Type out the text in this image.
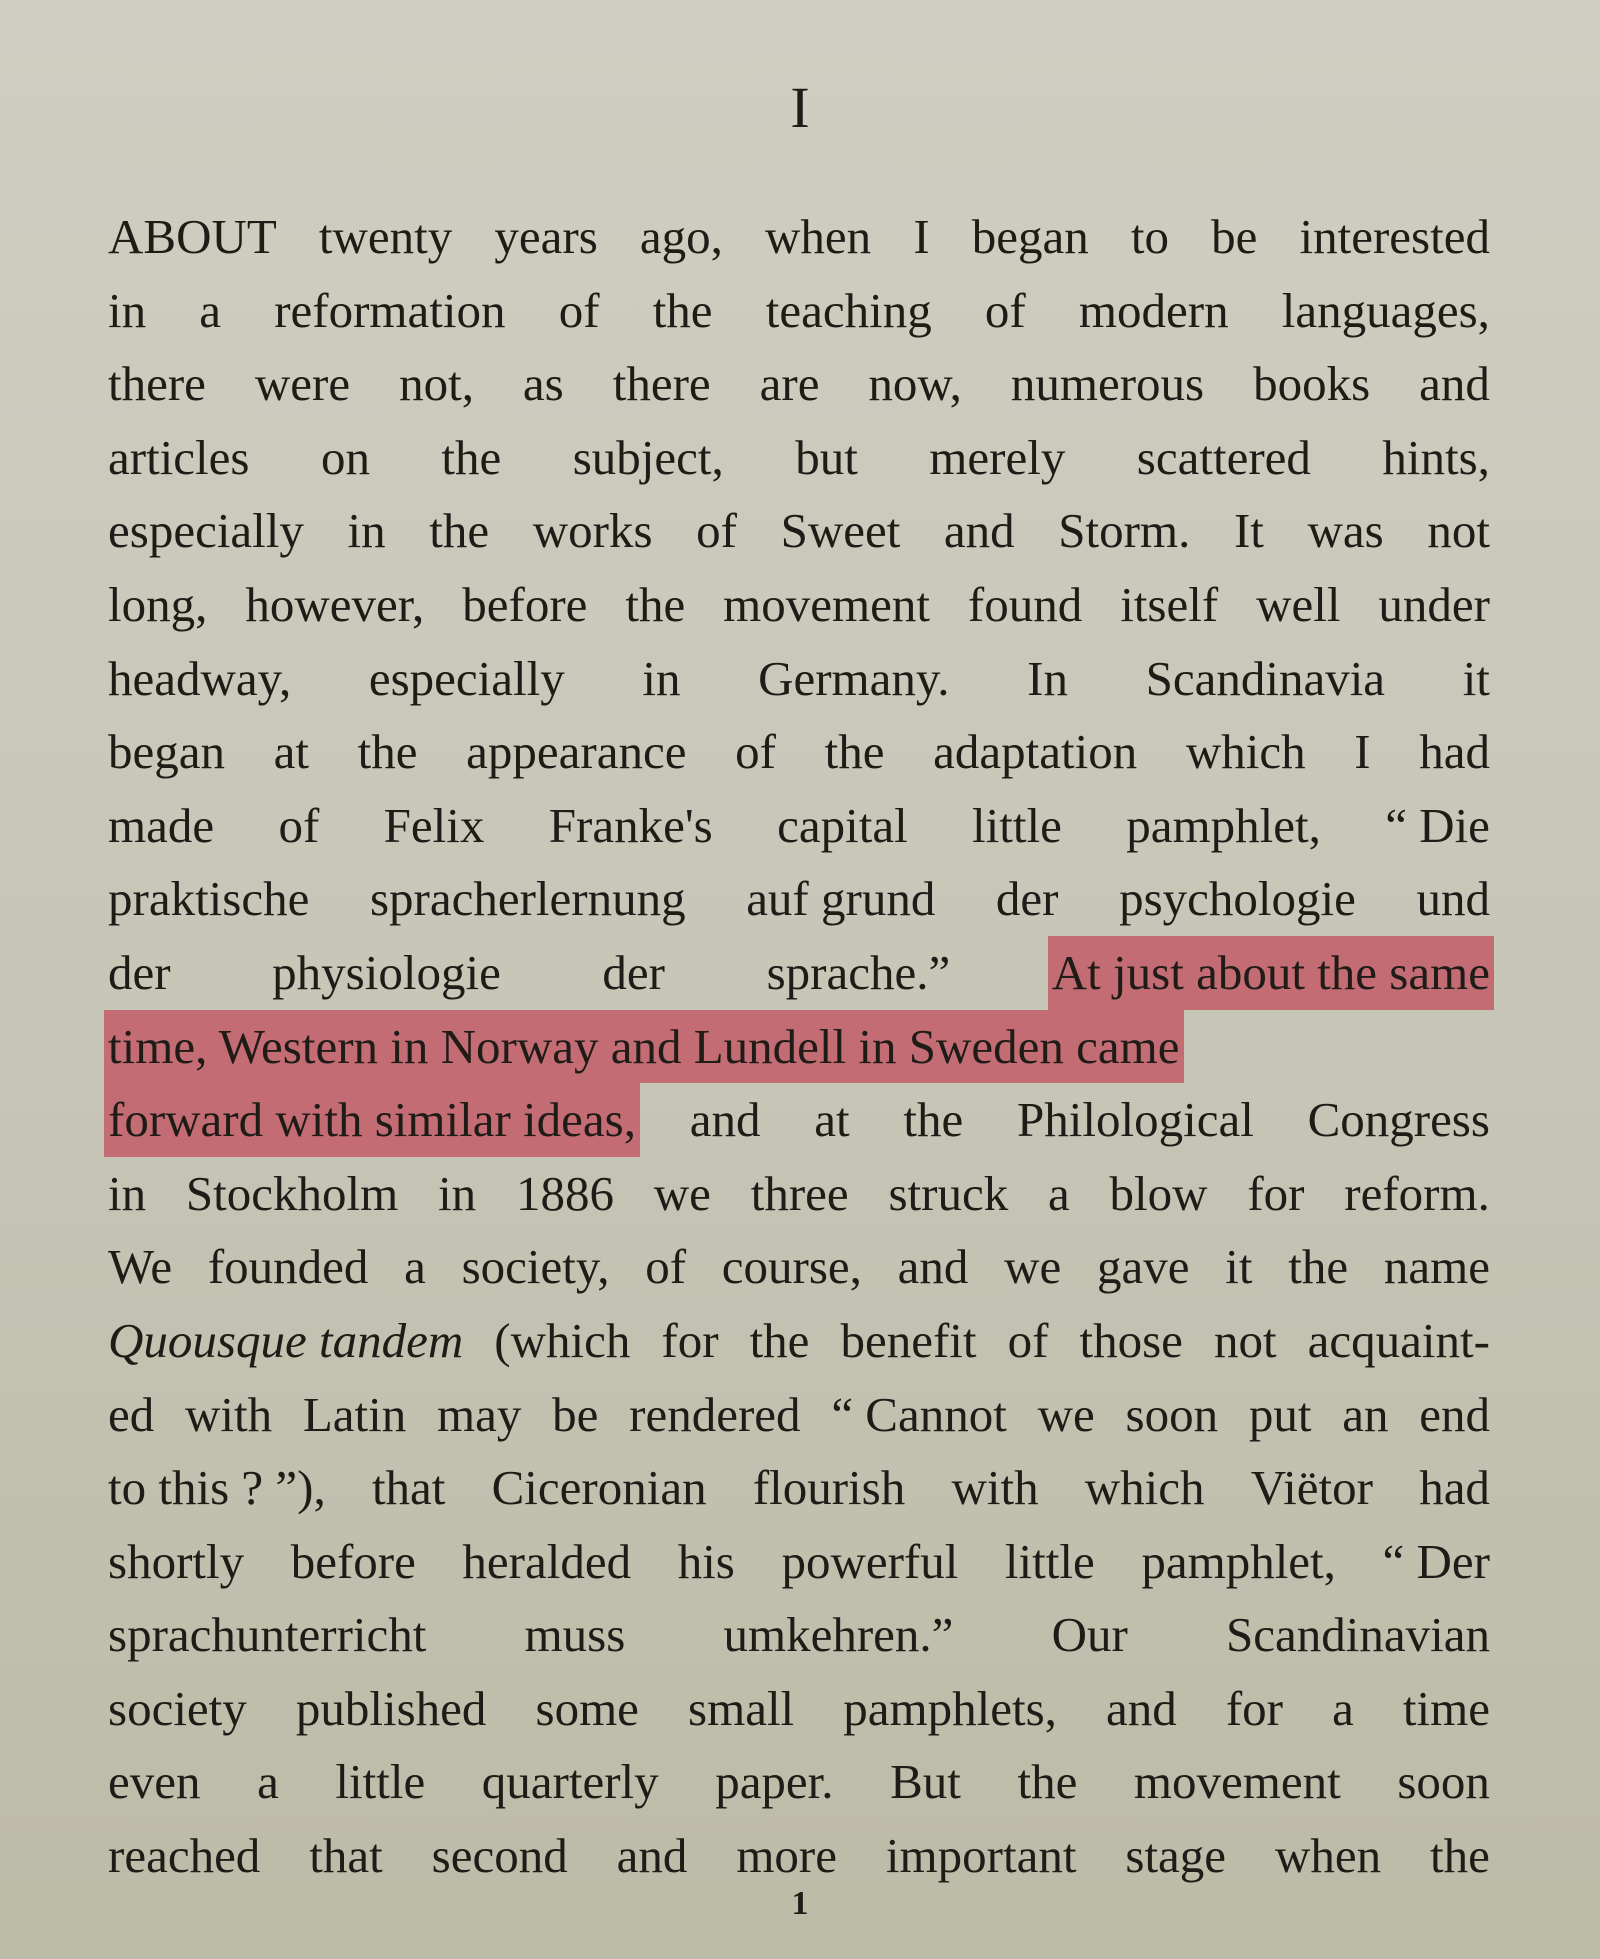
I
ABOUT twenty years ago, when I began to be interested
in a reformation of the teaching of modern languages,
there were not, as there are now, numerous books and
articles on the subject, but merely scattered hints,
especially in the works of Sweet and Storm. It was not
long, however, before the movement found itself well under
headway, especially in Germany. In Scandinavia it
began at the appearance of the adaptation which I had
made of Felix Franke's capital little pamphlet, “ Die
praktische spracherlernung auf grund der psychologie und
der physiologie der sprache.” At just about the same
time, Western in Norway and Lundell in Sweden came
forward with similar ideas, and at the Philological Congress
in Stockholm in 1886 we three struck a blow for reform.
We founded a society, of course, and we gave it the name
Quousque tandem (which for the benefit of those not acquaint-
ed with Latin may be rendered “ Cannot we soon put an end
to this ? ”), that Ciceronian flourish with which Viëtor had
shortly before heralded his powerful little pamphlet, “ Der
sprachunterricht muss umkehren.” Our Scandinavian
society published some small pamphlets, and for a time
even a little quarterly paper. But the movement soon
reached that second and more important stage when the
1
